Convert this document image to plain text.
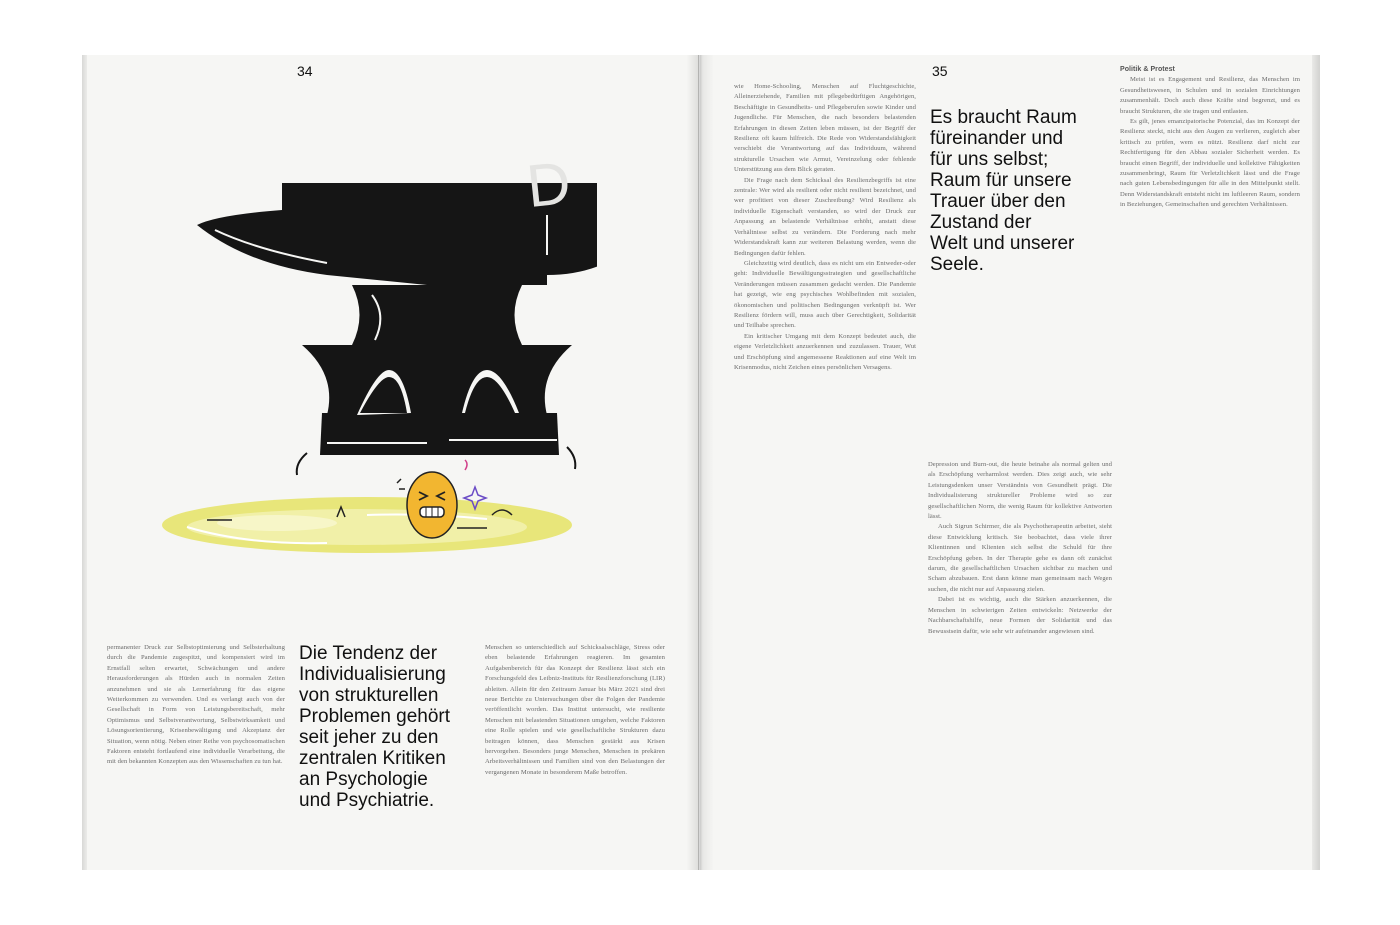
34
D

permanenter Druck zur Selbstoptimierung und Selbsterhaltung durch die Pandemie zugespitzt, und kompensiert wird im Ernstfall selten erwartet, Schwächungen und andere Herausforderungen als Hürden auch in normalen Zeiten anzunehmen und sie als Lernerfahrung für das eigene Weiterkommen zu verwenden. Und es verlangt auch von der Gesellschaft in Form von Leistungsbereitschaft, mehr Optimismus und Selbstverantwortung, Selbstwirksamkeit und Lösungsorientierung, Krisenbewältigung und Akzeptanz der Situation, wenn nötig. Neben einer Reihe von psychosomatischen Faktoren entsteht fortlaufend eine individuelle Verarbeitung, die mit den bekannten Konzepten aus den Wissenschaften zu tun hat.

Die Tendenz der
Individualisierung
von strukturellen
Problemen gehört
seit jeher zu den
zentralen Kritiken
an Psychologie
und Psychiatrie.

Menschen so unterschiedlich auf Schicksalsschläge, Stress oder eben belastende Erfahrungen reagieren. Im gesamten Aufgabenbereich für das Konzept der Resilienz lässt sich ein Forschungsfeld des Leibniz-Instituts für Resilienzforschung (LIR) ableiten. Allein für den Zeitraum Januar bis März 2021 sind drei neue Berichte zu Untersuchungen über die Folgen der Pandemie veröffentlicht worden. Das Institut untersucht, wie resiliente Menschen mit belastenden Situationen umgehen, welche Faktoren eine Rolle spielen und wie gesellschaftliche Strukturen dazu beitragen können, dass Menschen gestärkt aus Krisen hervorgehen. Besonders junge Menschen, Menschen in prekären Arbeitsverhältnissen und Familien sind von den Belastungen der vergangenen Monate in besonderem Maße betroffen.

35

wie Home-Schooling, Menschen auf Fluchtgeschichte, Alleinerziehende, Familien mit pflegebedürftigen Angehörigen, Beschäftigte in Gesundheits- und Pflegeberufen sowie Kinder und Jugendliche. Für Menschen, die nach besonders belastenden Erfahrungen in diesen Zeiten leben müssen, ist der Begriff der Resilienz oft kaum hilfreich. Die Rede von Widerstandsfähigkeit verschiebt die Verantwortung auf das Individuum, während strukturelle Ursachen wie Armut, Vereinzelung oder fehlende Unterstützung aus dem Blick geraten.

Die Frage nach dem Schicksal des Resilienzbegriffs ist eine zentrale: Wer wird als resilient oder nicht resilient bezeichnet, und wer profitiert von dieser Zuschreibung? Wird Resilienz als individuelle Eigenschaft verstanden, so wird der Druck zur Anpassung an belastende Verhältnisse erhöht, anstatt diese Verhältnisse selbst zu verändern. Die Forderung nach mehr Widerstandskraft kann zur weiteren Belastung werden, wenn die Bedingungen dafür fehlen.

Gleichzeitig wird deutlich, dass es nicht um ein Entweder-oder geht: Individuelle Bewältigungsstrategien und gesellschaftliche Veränderungen müssen zusammen gedacht werden. Die Pandemie hat gezeigt, wie eng psychisches Wohlbefinden mit sozialen, ökonomischen und politischen Bedingungen verknüpft ist. Wer Resilienz fördern will, muss auch über Gerechtigkeit, Solidarität und Teilhabe sprechen.

Ein kritischer Umgang mit dem Konzept bedeutet auch, die eigene Verletzlichkeit anzuerkennen und zuzulassen. Trauer, Wut und Erschöpfung sind angemessene Reaktionen auf eine Welt im Krisenmodus, nicht Zeichen eines persönlichen Versagens.

Es braucht Raum
füreinander und
für uns selbst;
Raum für unsere
Trauer über den
Zustand der
Welt und unserer
Seele.

Depression und Burn-out, die heute beinahe als normal gelten und als Erschöpfung verharmlost werden. Dies zeigt auch, wie sehr Leistungsdenken unser Verständnis von Gesundheit prägt. Die Individualisierung struktureller Probleme wird so zur gesellschaftlichen Norm, die wenig Raum für kollektive Antworten lässt.

Auch Sigrun Schirmer, die als Psychotherapeutin arbeitet, sieht diese Entwicklung kritisch. Sie beobachtet, dass viele ihrer Klientinnen und Klienten sich selbst die Schuld für ihre Erschöpfung geben. In der Therapie gehe es dann oft zunächst darum, die gesellschaftlichen Ursachen sichtbar zu machen und Scham abzubauen. Erst dann könne man gemeinsam nach Wegen suchen, die nicht nur auf Anpassung zielen.

Dabei ist es wichtig, auch die Stärken anzuerkennen, die Menschen in schwierigen Zeiten entwickeln: Netzwerke der Nachbarschaftshilfe, neue Formen der Solidarität und das Bewusstsein dafür, wie sehr wir aufeinander angewiesen sind.

Politik & Protest

Meist ist es Engagement und Resilienz, das Menschen im Gesundheitswesen, in Schulen und in sozialen Einrichtungen zusammenhält. Doch auch diese Kräfte sind begrenzt, und es braucht Strukturen, die sie tragen und entlasten.

Es gilt, jenes emanzipatorische Potenzial, das im Konzept der Resilienz steckt, nicht aus den Augen zu verlieren, zugleich aber kritisch zu prüfen, wem es nützt. Resilienz darf nicht zur Rechtfertigung für den Abbau sozialer Sicherheit werden. Es braucht einen Begriff, der individuelle und kollektive Fähigkeiten zusammenbringt, Raum für Verletzlichkeit lässt und die Frage nach guten Lebensbedingungen für alle in den Mittelpunkt stellt. Denn Widerstandskraft entsteht nicht im luftleeren Raum, sondern in Beziehungen, Gemeinschaften und gerechten Verhältnissen.
